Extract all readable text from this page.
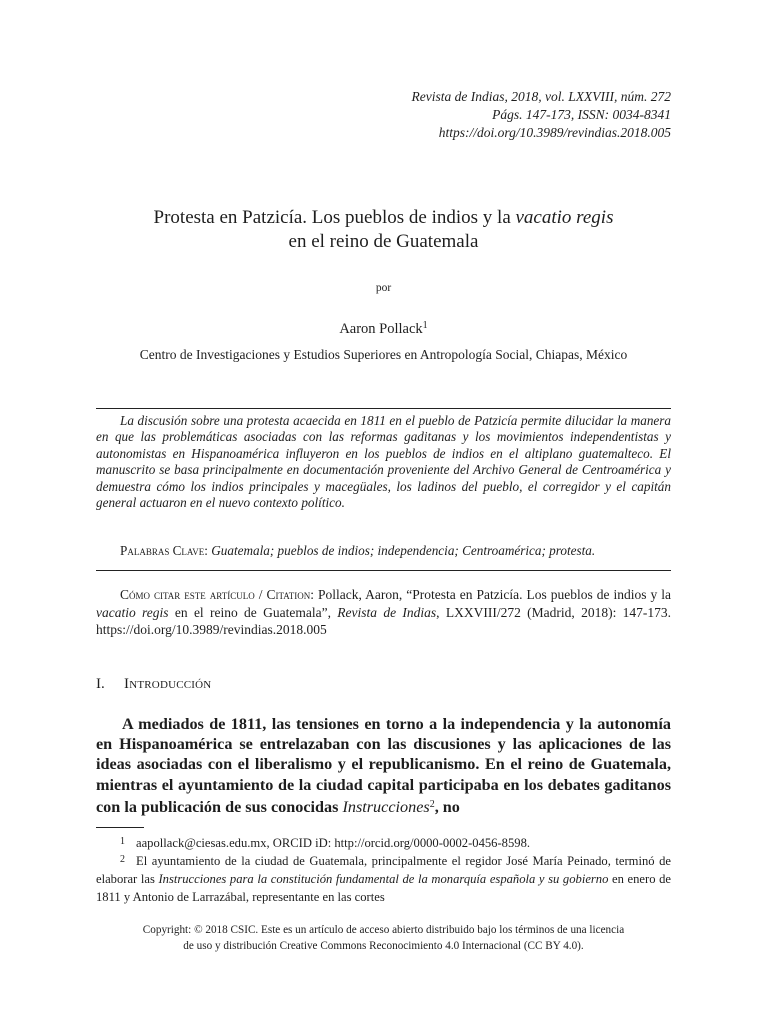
Revista de Indias, 2018, vol. LXXVIII, núm. 272
Págs. 147-173, ISSN: 0034-8341
https://doi.org/10.3989/revindias.2018.005
Protesta en Patzicía. Los pueblos de indios y la vacatio regis
en el reino de Guatemala
por
Aaron Pollack$^1$
Centro de Investigaciones y Estudios Superiores en Antropología Social, Chiapas, México

La discusión sobre una protesta acaecida en 1811 en el pueblo de Patzicía permite dilucidar la manera en que las problemáticas asociadas con las reformas gaditanas y los movimientos independentistas y autonomistas en Hispanoamérica influyeron en los pueblos de indios en el altiplano guatemalteco. El manuscrito se basa principalmente en documentación proveniente del Archivo General de Centroamérica y demuestra cómo los indios principales y macegüales, los ladinos del pueblo, el corregidor y el capitán general actuaron en el nuevo contexto político.

Palabras Clave: Guatemala; pueblos de indios; independencia; Centroamérica; protesta.

Cómo citar este artículo / Citation: Pollack, Aaron, “Protesta en Patzicía. Los pueblos de indios y la vacatio regis en el reino de Guatemala”, Revista de Indias, LXXVIII/272 (Madrid, 2018): 147-173. https://doi.org/10.3989/revindias.2018.005

I. Introducción

A mediados de 1811, las tensiones en torno a la independencia y la autonomía en Hispanoamérica se entrelazaban con las discusiones y las aplicaciones de las ideas asociadas con el liberalismo y el republicanismo. En el reino de Guatemala, mientras el ayuntamiento de la ciudad capital participaba en los debates gaditanos con la publicación de sus conocidas Instrucciones$^2$, no

1 aapollack@ciesas.edu.mx, ORCID iD: http://orcid.org/0000-0002-0456-8598.

2 El ayuntamiento de la ciudad de Guatemala, principalmente el regidor José María Peinado, terminó de elaborar las Instrucciones para la constitución fundamental de la monarquía española y su gobierno en enero de 1811 y Antonio de Larrazábal, representante en las cortes

Copyright: © 2018 CSIC. Este es un artículo de acceso abierto distribuido bajo los términos de una licencia
de uso y distribución Creative Commons Reconocimiento 4.0 Internacional (CC BY 4.0).
